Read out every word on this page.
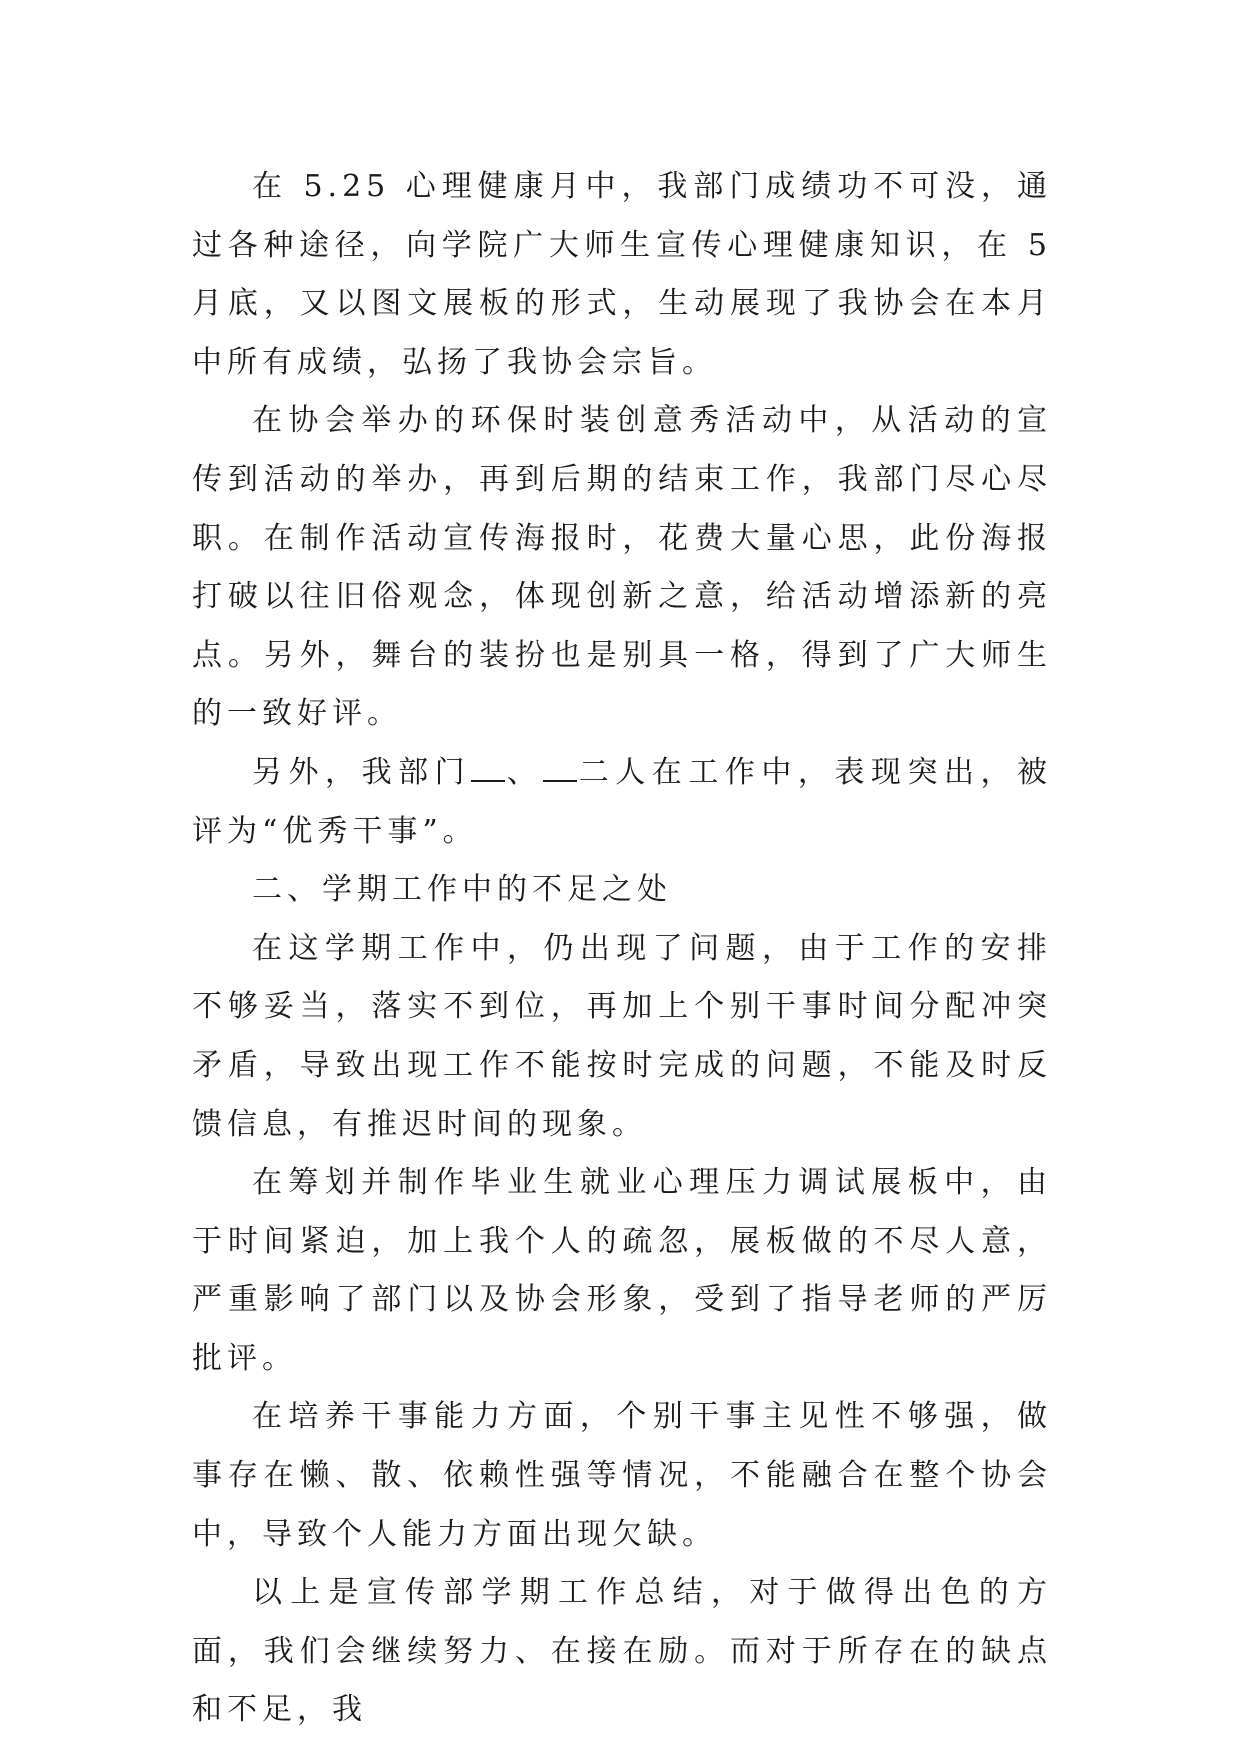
在 5.25 心理健康月中，我部门成绩功不可没，通过各种途径，向学院广大师生宣传心理健康知识，在 5 月底，又以图文展板的形式，生动展现了我协会在本月中所有成绩，弘扬了我协会宗旨。

在协会举办的环保时装创意秀活动中，从活动的宣传到活动的举办，再到后期的结束工作，我部门尽心尽职。在制作活动宣传海报时，花费大量心思，此份海报打破以往旧俗观念，体现创新之意，给活动增添新的亮点。另外，舞台的装扮也是别具一格，得到了广大师生的一致好评。

另外，我部门 、 二人在工作中，表现突出，被评为“优秀干事”。

二、学期工作中的不足之处

在这学期工作中，仍出现了问题，由于工作的安排不够妥当，落实不到位，再加上个别干事时间分配冲突矛盾，导致出现工作不能按时完成的问题，不能及时反馈信息，有推迟时间的现象。

在筹划并制作毕业生就业心理压力调试展板中，由于时间紧迫，加上我个人的疏忽，展板做的不尽人意，严重影响了部门以及协会形象，受到了指导老师的严厉批评。

在培养干事能力方面，个别干事主见性不够强，做事存在懒、散、依赖性强等情况，不能融合在整个协会中，导致个人能力方面出现欠缺。

以上是宣传部学期工作总结，对于做得出色的方面，我们会继续努力、在接在励。而对于所存在的缺点和不足，我
